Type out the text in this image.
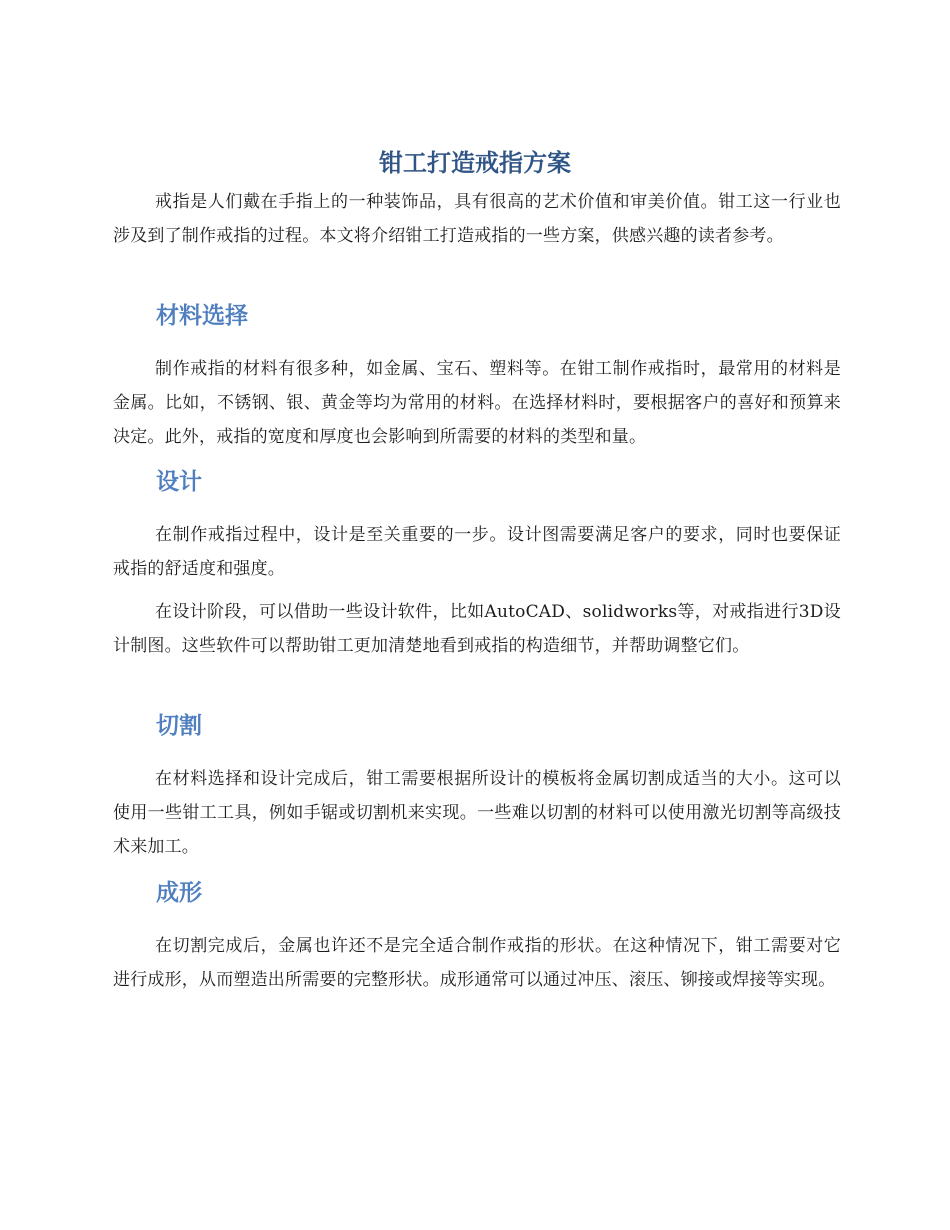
钳工打造戒指方案

戒指是人们戴在手指上的一种装饰品，具有很高的艺术价值和审美价值。钳工这一行业也涉及到了制作戒指的过程。本文将介绍钳工打造戒指的一些方案，供感兴趣的读者参考。

材料选择

制作戒指的材料有很多种，如金属、宝石、塑料等。在钳工制作戒指时，最常用的材料是金属。比如，不锈钢、银、黄金等均为常用的材料。在选择材料时，要根据客户的喜好和预算来决定。此外，戒指的宽度和厚度也会影响到所需要的材料的类型和量。

设计

在制作戒指过程中，设计是至关重要的一步。设计图需要满足客户的要求，同时也要保证戒指的舒适度和强度。

在设计阶段，可以借助一些设计软件，比如AutoCAD、solidworks等，对戒指进行3D设计制图。这些软件可以帮助钳工更加清楚地看到戒指的构造细节，并帮助调整它们。

切割

在材料选择和设计完成后，钳工需要根据所设计的模板将金属切割成适当的大小。这可以使用一些钳工工具，例如手锯或切割机来实现。一些难以切割的材料可以使用激光切割等高级技术来加工。

成形

在切割完成后，金属也许还不是完全适合制作戒指的形状。在这种情况下，钳工需要对它进行成形，从而塑造出所需要的完整形状。成形通常可以通过冲压、滚压、铆接或焊接等实现。
